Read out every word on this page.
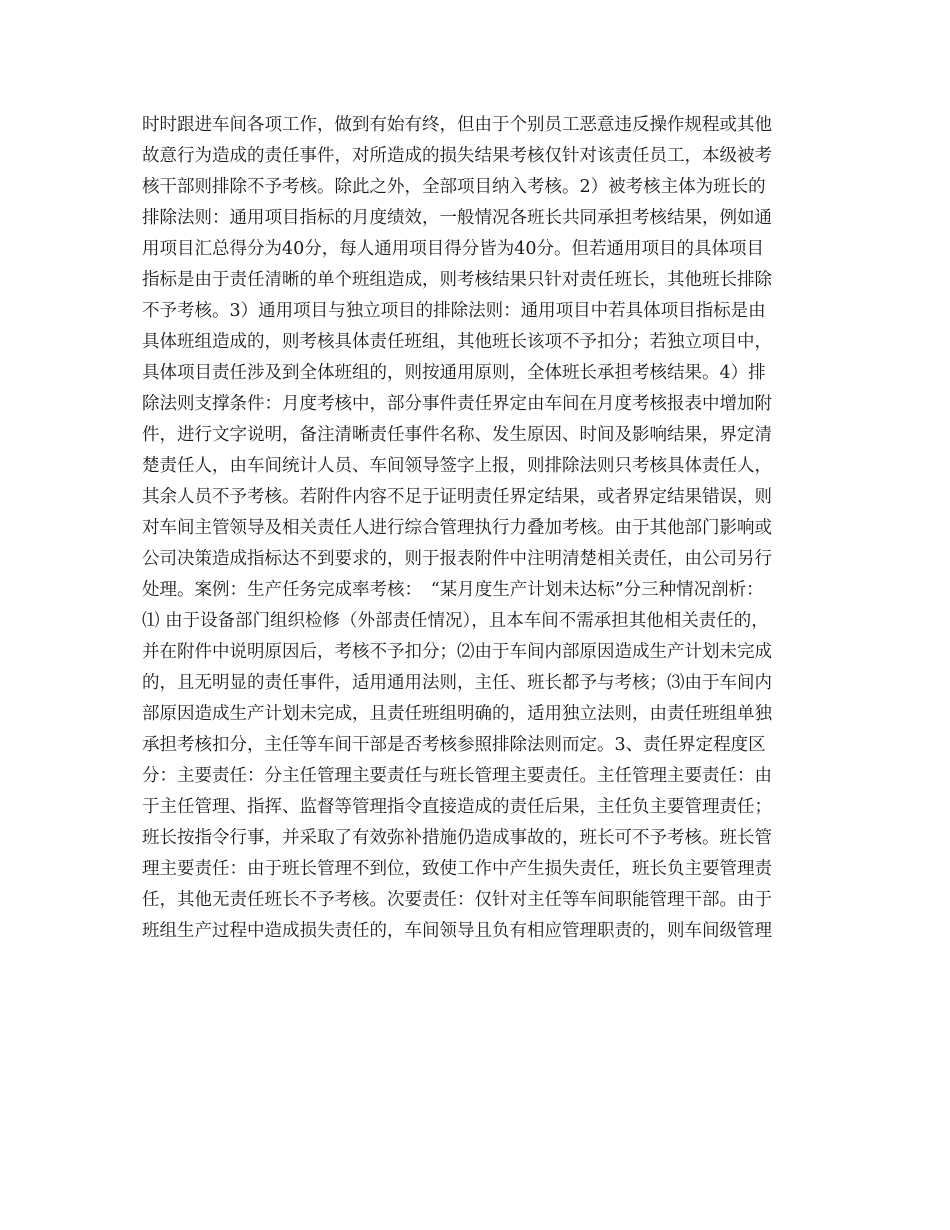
时时跟进车间各项工作，做到有始有终，但由于个别员工恶意违反操作规程或其他
故意行为造成的责任事件，对所造成的损失结果考核仅针对该责任员工，本级被考
核干部则排除不予考核。除此之外，全部项目纳入考核。2）被考核主体为班长的
排除法则：通用项目指标的月度绩效，一般情况各班长共同承担考核结果，例如通
用项目汇总得分为40分，每人通用项目得分皆为40分。但若通用项目的具体项目
指标是由于责任清晰的单个班组造成，则考核结果只针对责任班长，其他班长排除
不予考核。3）通用项目与独立项目的排除法则：通用项目中若具体项目指标是由
具体班组造成的，则考核具体责任班组，其他班长该项不予扣分；若独立项目中，
具体项目责任涉及到全体班组的，则按通用原则，全体班长承担考核结果。4）排
除法则支撑条件：月度考核中，部分事件责任界定由车间在月度考核报表中增加附
件，进行文字说明，备注清晰责任事件名称、发生原因、时间及影响结果，界定清
楚责任人，由车间统计人员、车间领导签字上报，则排除法则只考核具体责任人，
其余人员不予考核。若附件内容不足于证明责任界定结果，或者界定结果错误，则
对车间主管领导及相关责任人进行综合管理执行力叠加考核。由于其他部门影响或
公司决策造成指标达不到要求的，则于报表附件中注明清楚相关责任，由公司另行
处理。案例：生产任务完成率考核：　“某月度生产计划未达标”分三种情况剖析：
⑴ 由于设备部门组织检修（外部责任情况），且本车间不需承担其他相关责任的，
并在附件中说明原因后，考核不予扣分；⑵由于车间内部原因造成生产计划未完成
的，且无明显的责任事件，适用通用法则，主任、班长都予与考核；⑶由于车间内
部原因造成生产计划未完成，且责任班组明确的，适用独立法则，由责任班组单独
承担考核扣分，主任等车间干部是否考核参照排除法则而定。3、责任界定程度区
分：主要责任：分主任管理主要责任与班长管理主要责任。主任管理主要责任：由
于主任管理、指挥、监督等管理指令直接造成的责任后果，主任负主要管理责任；
班长按指令行事，并采取了有效弥补措施仍造成事故的，班长可不予考核。班长管
理主要责任：由于班长管理不到位，致使工作中产生损失责任，班长负主要管理责
任，其他无责任班长不予考核。次要责任：仅针对主任等车间职能管理干部。由于
班组生产过程中造成损失责任的，车间领导且负有相应管理职责的，则车间级管理
